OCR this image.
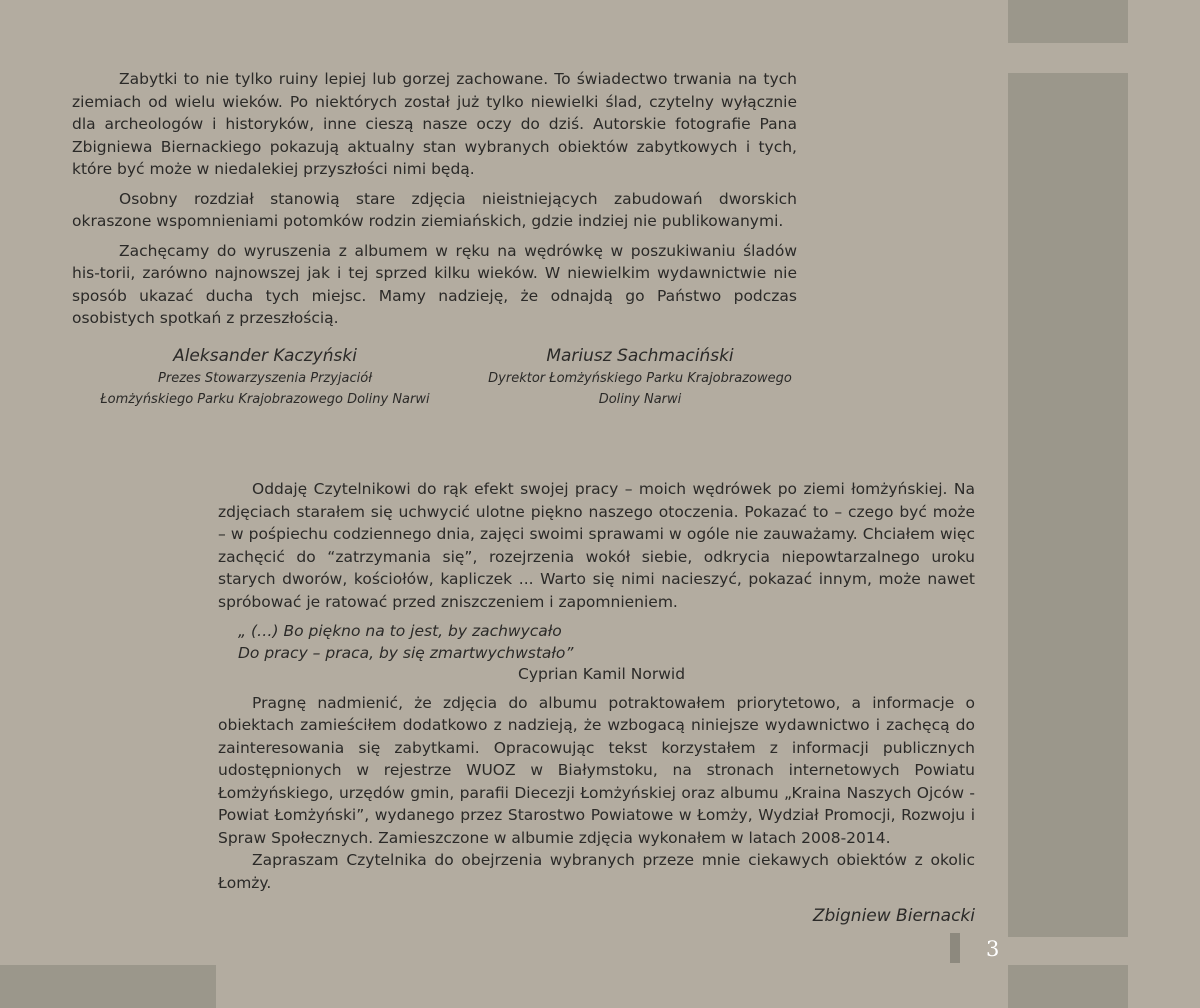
3

Zabytki to nie tylko ruiny lepiej lub gorzej zachowane. To świadectwo trwania na tych ziemiach od wielu wieków. Po niektórych został już tylko niewielki ślad, czytelny wyłącznie dla archeologów i historyków, inne cieszą nasze oczy do dziś. Autorskie fotografie Pana Zbigniewa Biernackiego pokazują aktualny stan wybranych obiektów zabytkowych i tych, które być może w niedalekiej przyszłości nimi będą.

Osobny rozdział stanowią stare zdjęcia nieistniejących zabudowań dworskich okraszone wspomnieniami potomków rodzin ziemiańskich, gdzie indziej nie publikowanymi.

Zachęcamy do wyruszenia z albumem w ręku na wędrówkę w poszukiwaniu śladów his-torii, zarówno najnowszej jak i tej sprzed kilku wieków. W niewielkim wydawnictwie nie sposób ukazać ducha tych miejsc. Mamy nadzieję, że odnajdą go Państwo podczas osobistych spotkań z przeszłością.

Aleksander Kaczyński
Prezes Stowarzyszenia Przyjaciół
Łomżyńskiego Parku Krajobrazowego Doliny Narwi
Mariusz Sachmaciński
Dyrektor Łomżyńskiego Parku Krajobrazowego
Doliny Narwi

Oddaję Czytelnikowi do rąk efekt swojej pracy – moich wędrówek po ziemi łomżyńskiej. Na zdjęciach starałem się uchwycić ulotne piękno naszego otoczenia. Pokazać to – czego być może – w pośpiechu codziennego dnia, zajęci swoimi sprawami w ogóle nie zauważamy. Chciałem więc zachęcić do “zatrzymania się”, rozejrzenia wokół siebie, odkrycia niepowtarzalnego uroku starych dworów, kościołów, kapliczek ... Warto się nimi nacieszyć, pokazać innym, może nawet spróbować je ratować przed zniszczeniem i zapomnieniem.

„ (…) Bo piękno na to jest, by zachwycało
Do pracy – praca, by się zmartwychwstało”
Cyprian Kamil Norwid

Pragnę nadmienić, że zdjęcia do albumu potraktowałem priorytetowo, a informacje o obiektach zamieściłem dodatkowo z nadzieją, że wzbogacą niniejsze wydawnictwo i zachęcą do zainteresowania się zabytkami. Opracowując tekst korzystałem z informacji publicznych udostępnionych w rejestrze WUOZ w Białymstoku, na stronach internetowych Powiatu Łomżyńskiego, urzędów gmin, parafii Diecezji Łomżyńskiej oraz albumu „Kraina Naszych Ojców - Powiat Łomżyński”, wydanego przez Starostwo Powiatowe w Łomży, Wydział Promocji, Rozwoju i Spraw Społecznych. Zamieszczone w albumie zdjęcia wykonałem w latach 2008-2014.

Zapraszam Czytelnika do obejrzenia wybranych przeze mnie ciekawych obiektów z okolic Łomży.

Zbigniew Biernacki
